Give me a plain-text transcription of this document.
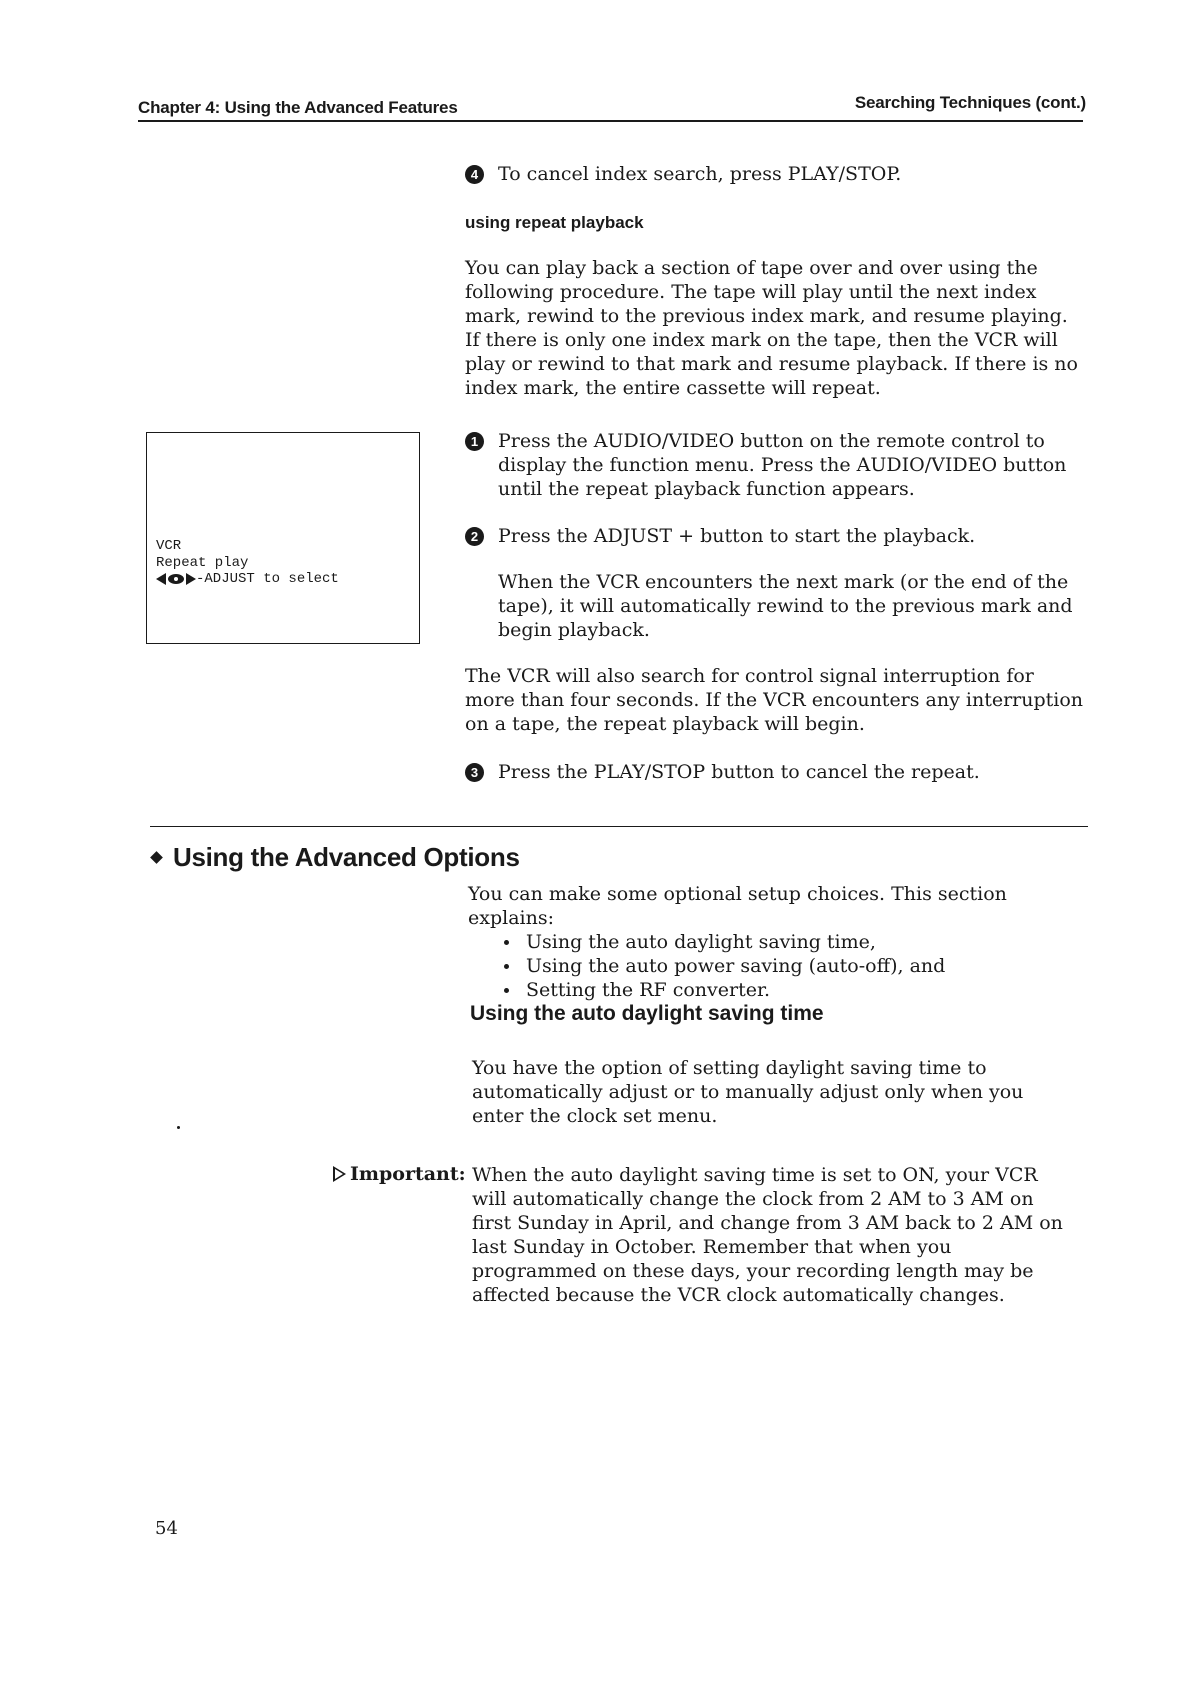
Chapter 4: Using the Advanced Features	Searching Techniques (cont.)
4	To cancel index search, press PLAY/STOP.
using repeat playback
You can play back a section of tape over and over using the following procedure. The tape will play until the next index mark, rewind to the previous index mark, and resume playing. If there is only one index mark on the tape, then the VCR will play or rewind to that mark and resume playback. If there is no index mark, the entire cassette will repeat.
VCR
Repeat play
-ADJUST to select
1	Press the AUDIO/VIDEO button on the remote control to display the function menu. Press the AUDIO/VIDEO button until the repeat playback function appears.
2	Press the ADJUST + button to start the playback.
When the VCR encounters the next mark (or the end of the tape), it will automatically rewind to the previous mark and begin playback.
The VCR will also search for control signal interruption for more than four seconds. If the VCR encounters any interruption on a tape, the repeat playback will begin.
3	Press the PLAY/STOP button to cancel the repeat.
Using the Advanced Options
You can make some optional setup choices. This section explains:
Using the auto daylight saving time,
Using the auto power saving (auto-off), and
Setting the RF converter.
Using the auto daylight saving time
You have the option of setting daylight saving time to automatically adjust or to manually adjust only when you enter the clock set menu.
Important: When the auto daylight saving time is set to ON, your VCR will automatically change the clock from 2 AM to 3 AM on first Sunday in April, and change from 3 AM back to 2 AM on last Sunday in October. Remember that when you programmed on these days, your recording length may be affected because the VCR clock automatically changes.
54
